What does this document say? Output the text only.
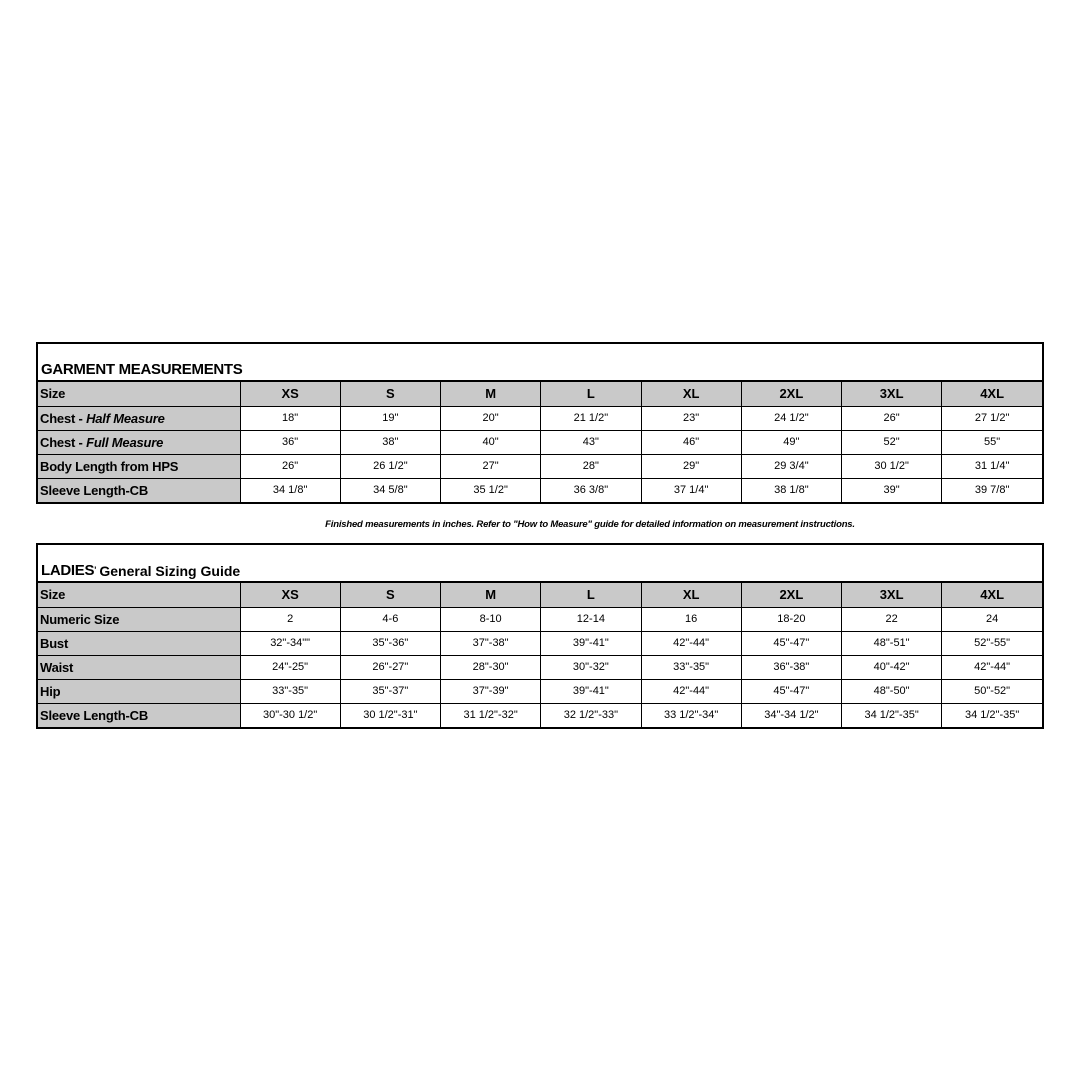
GARMENT MEASUREMENTS
Size	XS	S	M	L	XL	2XL	3XL	4XL
Chest - Half Measure	18"	19"	20"	21 1/2"	23"	24 1/2"	26"	27 1/2"
Chest - Full Measure	36"	38"	40"	43"	46"	49"	52"	55"
Body Length from HPS	26"	26 1/2"	27"	28"	29"	29 3/4"	30 1/2"	31 1/4"
Sleeve Length-CB	34 1/8"	34 5/8"	35 1/2"	36 3/8"	37 1/4"	38 1/8"	39"	39 7/8"
Finished measurements in inches. Refer to "How to Measure" guide for detailed information on measurement instructions.
LADIES ' General Sizing Guide
Size	XS	S	M	L	XL	2XL	3XL	4XL
Numeric Size	2	4-6	8-10	12-14	16	18-20	22	24
Bust	32"-34""	35"-36"	37"-38"	39"-41"	42"-44"	45"-47"	48"-51"	52"-55"
Waist	24"-25"	26"-27"	28"-30"	30"-32"	33"-35"	36"-38"	40"-42"	42"-44"
Hip	33"-35"	35"-37"	37"-39"	39"-41"	42"-44"	45"-47"	48"-50"	50"-52"
Sleeve Length-CB	30"-30 1/2"	30 1/2"-31"	31 1/2"-32"	32 1/2"-33"	33 1/2"-34"	34"-34 1/2"	34 1/2"-35"	34 1/2"-35"
